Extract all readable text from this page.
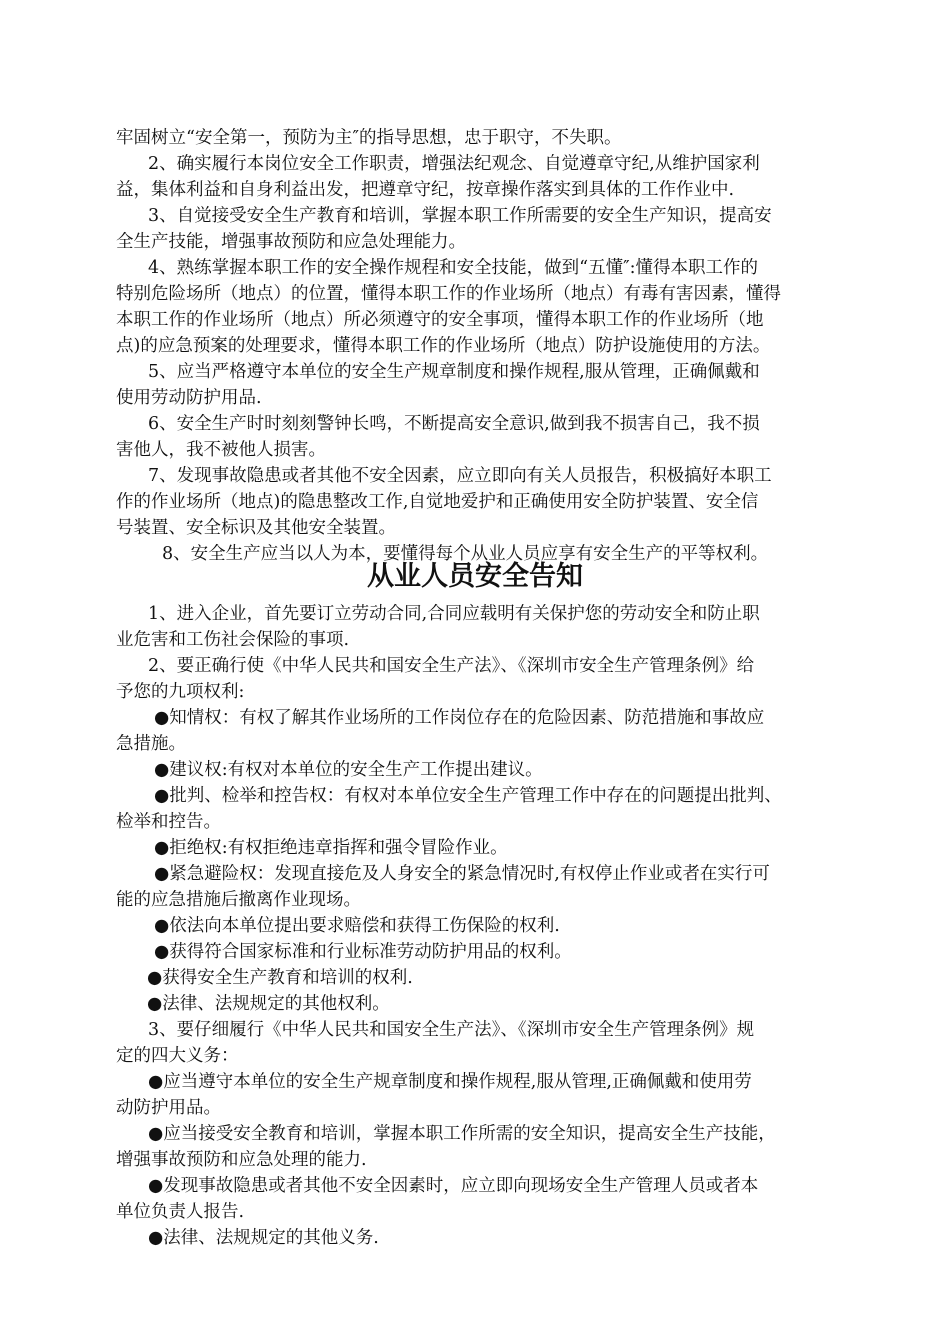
牢固树立“安全第一，预防为主″的指导思想，忠于职守，不失职。
2、确实履行本岗位安全工作职责，增强法纪观念、自觉遵章守纪,从维护国家利
益，集体利益和自身利益出发，把遵章守纪，按章操作落实到具体的工作作业中.
3、自觉接受安全生产教育和培训，掌握本职工作所需要的安全生产知识，提高安
全生产技能，增强事故预防和应急处理能力。
4、熟练掌握本职工作的安全操作规程和安全技能，做到“五懂″:懂得本职工作的
特别危险场所（地点）的位置，懂得本职工作的作业场所（地点）有毒有害因素，懂得
本职工作的作业场所（地点）所必须遵守的安全事项，懂得本职工作的作业场所（地
点)的应急预案的处理要求，懂得本职工作的作业场所（地点）防护设施使用的方法。
5、应当严格遵守本单位的安全生产规章制度和操作规程,服从管理，正确佩戴和
使用劳动防护用品.
6、安全生产时时刻刻警钟长鸣，不断提高安全意识,做到我不损害自己，我不损
害他人，我不被他人损害。
7、发现事故隐患或者其他不安全因素，应立即向有关人员报告，积极搞好本职工
作的作业场所（地点)的隐患整改工作,自觉地爱护和正确使用安全防护装置、安全信
号装置、安全标识及其他安全装置。
8、安全生产应当以人为本，要懂得每个从业人员应享有安全生产的平等权利。
从业人员安全告知
1、进入企业，首先要订立劳动合同,合同应载明有关保护您的劳动安全和防止职
业危害和工伤社会保险的事项.
2、要正确行使《中华人民共和国安全生产法》、《深圳市安全生产管理条例》给
予您的九项权利:
●知情权：有权了解其作业场所的工作岗位存在的危险因素、防范措施和事故应
急措施。
●建议权:有权对本单位的安全生产工作提出建议。
●批判、检举和控告权：有权对本单位安全生产管理工作中存在的问题提出批判、
检举和控告。
●拒绝权:有权拒绝违章指挥和强令冒险作业。
●紧急避险权：发现直接危及人身安全的紧急情况时,有权停止作业或者在实行可
能的应急措施后撤离作业现场。
●依法向本单位提出要求赔偿和获得工伤保险的权利.
●获得符合国家标准和行业标准劳动防护用品的权利。
●获得安全生产教育和培训的权利.
●法律、法规规定的其他权利。
3、要仔细履行《中华人民共和国安全生产法》、《深圳市安全生产管理条例》规
定的四大义务：
●应当遵守本单位的安全生产规章制度和操作规程,服从管理,正确佩戴和使用劳
动防护用品。
●应当接受安全教育和培训，掌握本职工作所需的安全知识，提高安全生产技能，
增强事故预防和应急处理的能力.
●发现事故隐患或者其他不安全因素时，应立即向现场安全生产管理人员或者本
单位负责人报告.
●法律、法规规定的其他义务.
